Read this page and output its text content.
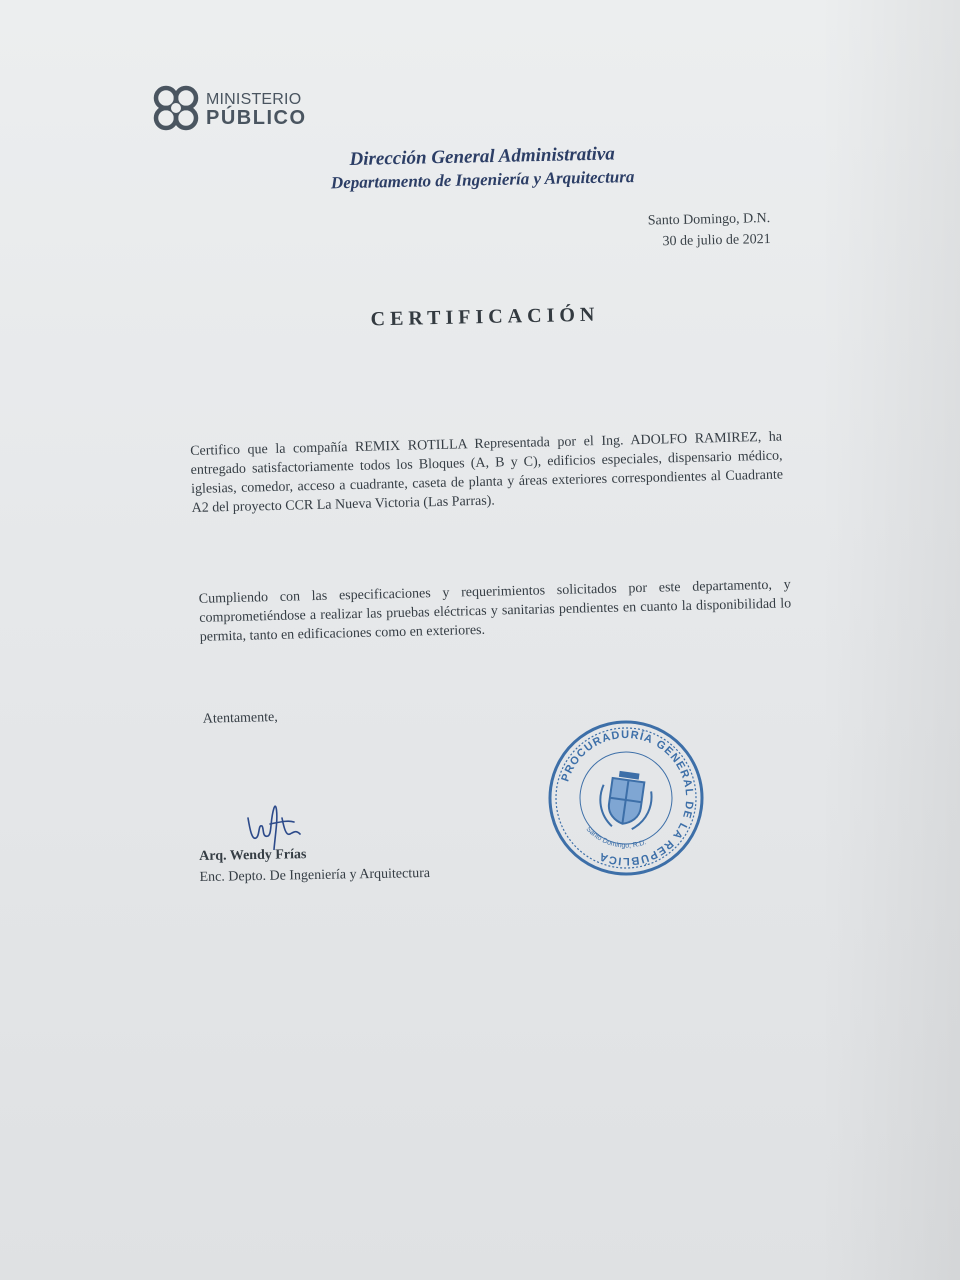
MINISTERIO
PÚBLICO
Dirección General Administrativa
Departamento de Ingeniería y Arquitectura
Santo Domingo, D.N.
30 de julio de 2021
CERTIFICACIÓN

Certifico que la compañía REMIX ROTILLA Representada por el Ing. ADOLFO RAMIREZ, ha entregado satisfactoriamente todos los Bloques (A, B y C), edificios especiales, dispensario médico, iglesias, comedor, acceso a cuadrante, caseta de planta y áreas exteriores correspondientes al Cuadrante A2 del proyecto CCR La Nueva Victoria (Las Parras).

Cumpliendo con las especificaciones y requerimientos solicitados por este departamento, y comprometiéndose a realizar las pruebas eléctricas y sanitarias pendientes en cuanto la disponibilidad lo permita, tanto en edificaciones como en exteriores.

Atentamente,
Arq. Wendy Frías
Enc. Depto. De Ingeniería y Arquitectura
PROCURADURÍA GENERAL DE LA REPÚBLICA
Santo Domingo, R.D.
